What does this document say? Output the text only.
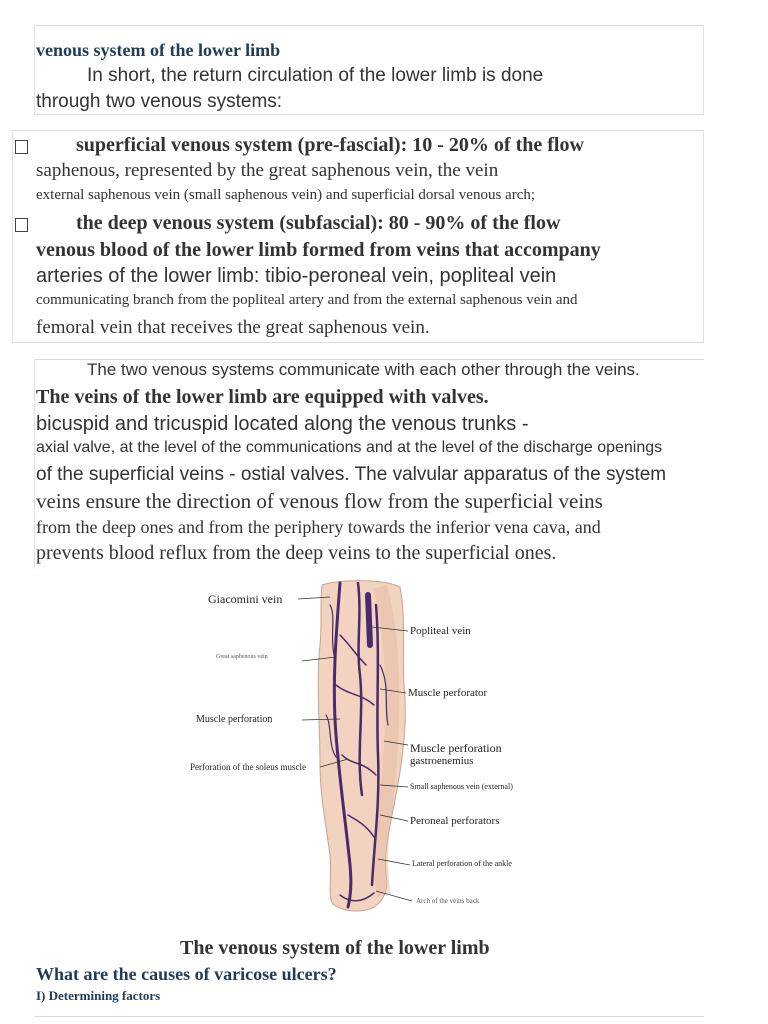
venous system of the lower limb
In short, the return circulation of the lower limb is done
through two venous systems:
superficial venous system (pre-fascial): 10 - 20% of the flow
saphenous, represented by the great saphenous vein, the vein
external saphenous vein (small saphenous vein) and superficial dorsal venous arch;
the deep venous system (subfascial): 80 - 90% of the flow
venous blood of the lower limb formed from veins that accompany
arteries of the lower limb: tibio-peroneal vein, popliteal vein
communicating branch from the popliteal artery and from the external saphenous vein and
femoral vein that receives the great saphenous vein.
The two venous systems communicate with each other through the veins.
The veins of the lower limb are equipped with valves.
bicuspid and tricuspid located along the venous trunks -
axial valve, at the level of the communications and at the level of the discharge openings
of the superficial veins - ostial valves. The valvular apparatus of the system
veins ensure the direction of venous flow from the superficial veins
from the deep ones and from the periphery towards the inferior vena cava, and
prevents blood reflux from the deep veins to the superficial ones.
Giacomini vein
Great saphenous vein
Muscle perforation
Perforation of the soleus muscle
Popliteal vein
Muscle perforator
Muscle perforation
gastroenemius
Small saphenous vein (external)
Peroneal perforators
Lateral perforation of the ankle
Arch of the veins back
The venous system of the lower limb
What are the causes of varicose ulcers?
I) Determining factors
